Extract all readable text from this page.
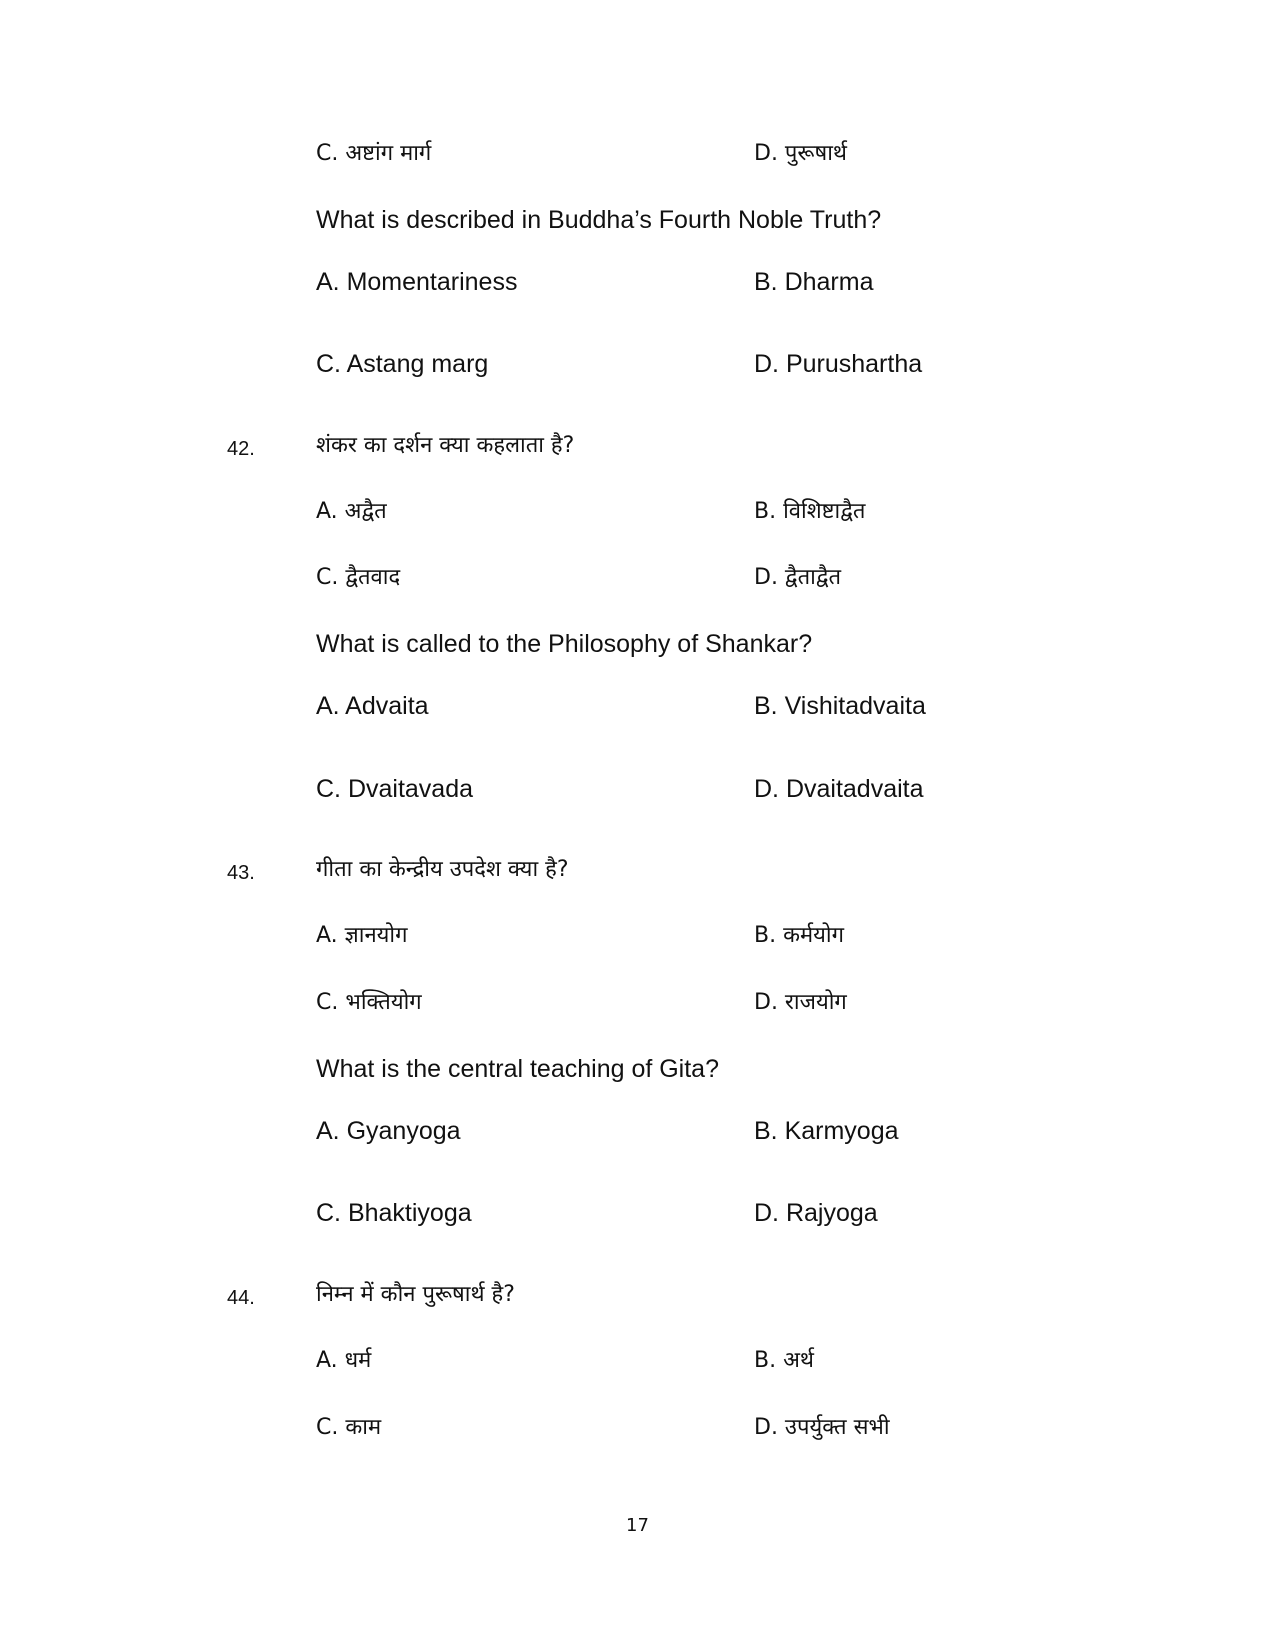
C. अष्टांग मार्ग	D. पुरूषार्थ
What is described in Buddha’s Fourth Noble Truth?
A. Momentariness	B. Dharma
C. Astang marg	D. Purushartha
42.	शंकर का दर्शन क्या कहलाता है?
A. अद्वैत	B. विशिष्टाद्वैत
C. द्वैतवाद	D. द्वैताद्वैत
What is called to the Philosophy of Shankar?
A. Advaita	B. Vishitadvaita
C. Dvaitavada	D. Dvaitadvaita
43.	गीता का केन्द्रीय उपदेश क्या है?
A. ज्ञानयोग	B. कर्मयोग
C. भक्तियोग	D. राजयोग
What is the central teaching of Gita?
A. Gyanyoga	B. Karmyoga
C. Bhaktiyoga	D. Rajyoga
44.	निम्न में कौन पुरूषार्थ है?
A. धर्म	B. अर्थ
C. काम	D. उपर्युक्त सभी
17
